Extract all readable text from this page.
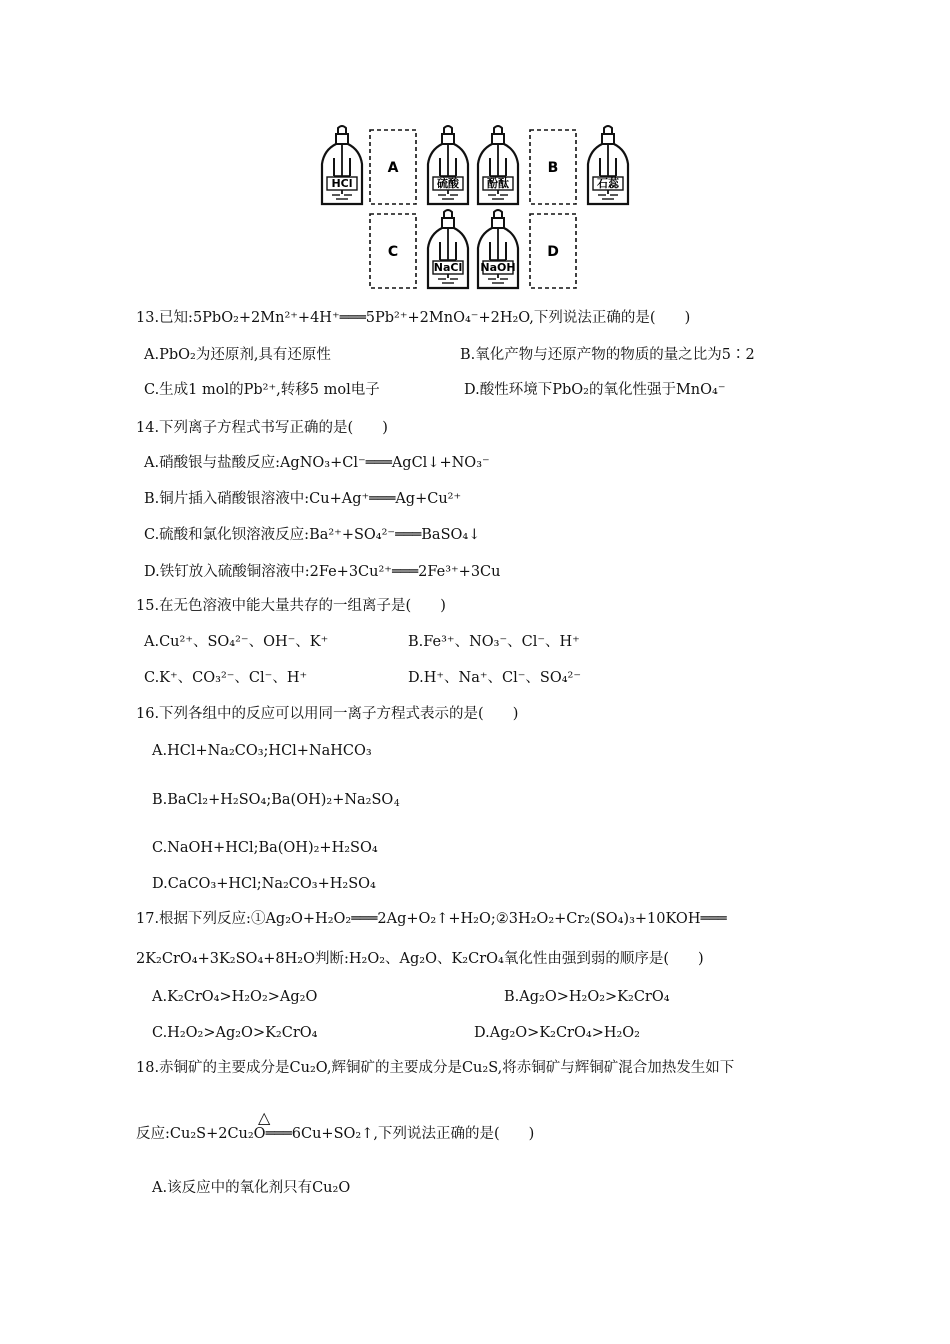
HCl
A
硫酸	酚酞
B
石蕊
C
NaCl NaOH
D
13.已知:5PbO₂+2Mn²⁺+4H⁺═══5Pb²⁺+2MnO₄⁻+2H₂O,下列说法正确的是(　　)
A.PbO₂为还原剂,具有还原性	B.氧化产物与还原产物的物质的量之比为5∶2
C.生成1 mol的Pb²⁺,转移5 mol电子	D.酸性环境下PbO₂的氧化性强于MnO₄⁻
14.下列离子方程式书写正确的是(　　)
A.硝酸银与盐酸反应:AgNO₃+Cl⁻═══AgCl↓+NO₃⁻
B.铜片插入硝酸银溶液中:Cu+Ag⁺═══Ag+Cu²⁺
C.硫酸和氯化钡溶液反应:Ba²⁺+SO₄²⁻═══BaSO₄↓
D.铁钉放入硫酸铜溶液中:2Fe+3Cu²⁺═══2Fe³⁺+3Cu
15.在无色溶液中能大量共存的一组离子是(　　)
A.Cu²⁺、SO₄²⁻、OH⁻、K⁺	B.Fe³⁺、NO₃⁻、Cl⁻、H⁺
C.K⁺、CO₃²⁻、Cl⁻、H⁺	D.H⁺、Na⁺、Cl⁻、SO₄²⁻
16.下列各组中的反应可以用同一离子方程式表示的是(　　)
A.HCl+Na₂CO₃;HCl+NaHCO₃
B.BaCl₂+H₂SO₄;Ba(OH)₂+Na₂SO 4
C.NaOH+HCl;Ba(OH)₂+H₂SO₄
D.CaCO₃+HCl;Na₂CO₃+H₂SO₄
17.根据下列反应:①Ag₂O+H₂O₂═══2Ag+O₂↑+H₂O;②3H₂O₂+Cr₂(SO₄)₃+10KOH═══
2K₂CrO₄+3K₂SO₄+8H₂O判断:H₂O₂、Ag₂O、K₂CrO₄氧化性由强到弱的顺序是(　　)
A.K₂CrO₄>H₂O₂>Ag₂O	B.Ag₂O>H₂O₂>K₂CrO₄
C.H₂O₂>Ag₂O>K₂CrO₄	D.Ag₂O>K₂CrO₄>H₂O₂
18.赤铜矿的主要成分是Cu₂O,辉铜矿的主要成分是Cu₂S,将赤铜矿与辉铜矿混合加热发生如下
△
反应:Cu₂S+2Cu₂O═══6Cu+SO₂↑,下列说法正确的是(　　)
A.该反应中的氧化剂只有Cu₂O
